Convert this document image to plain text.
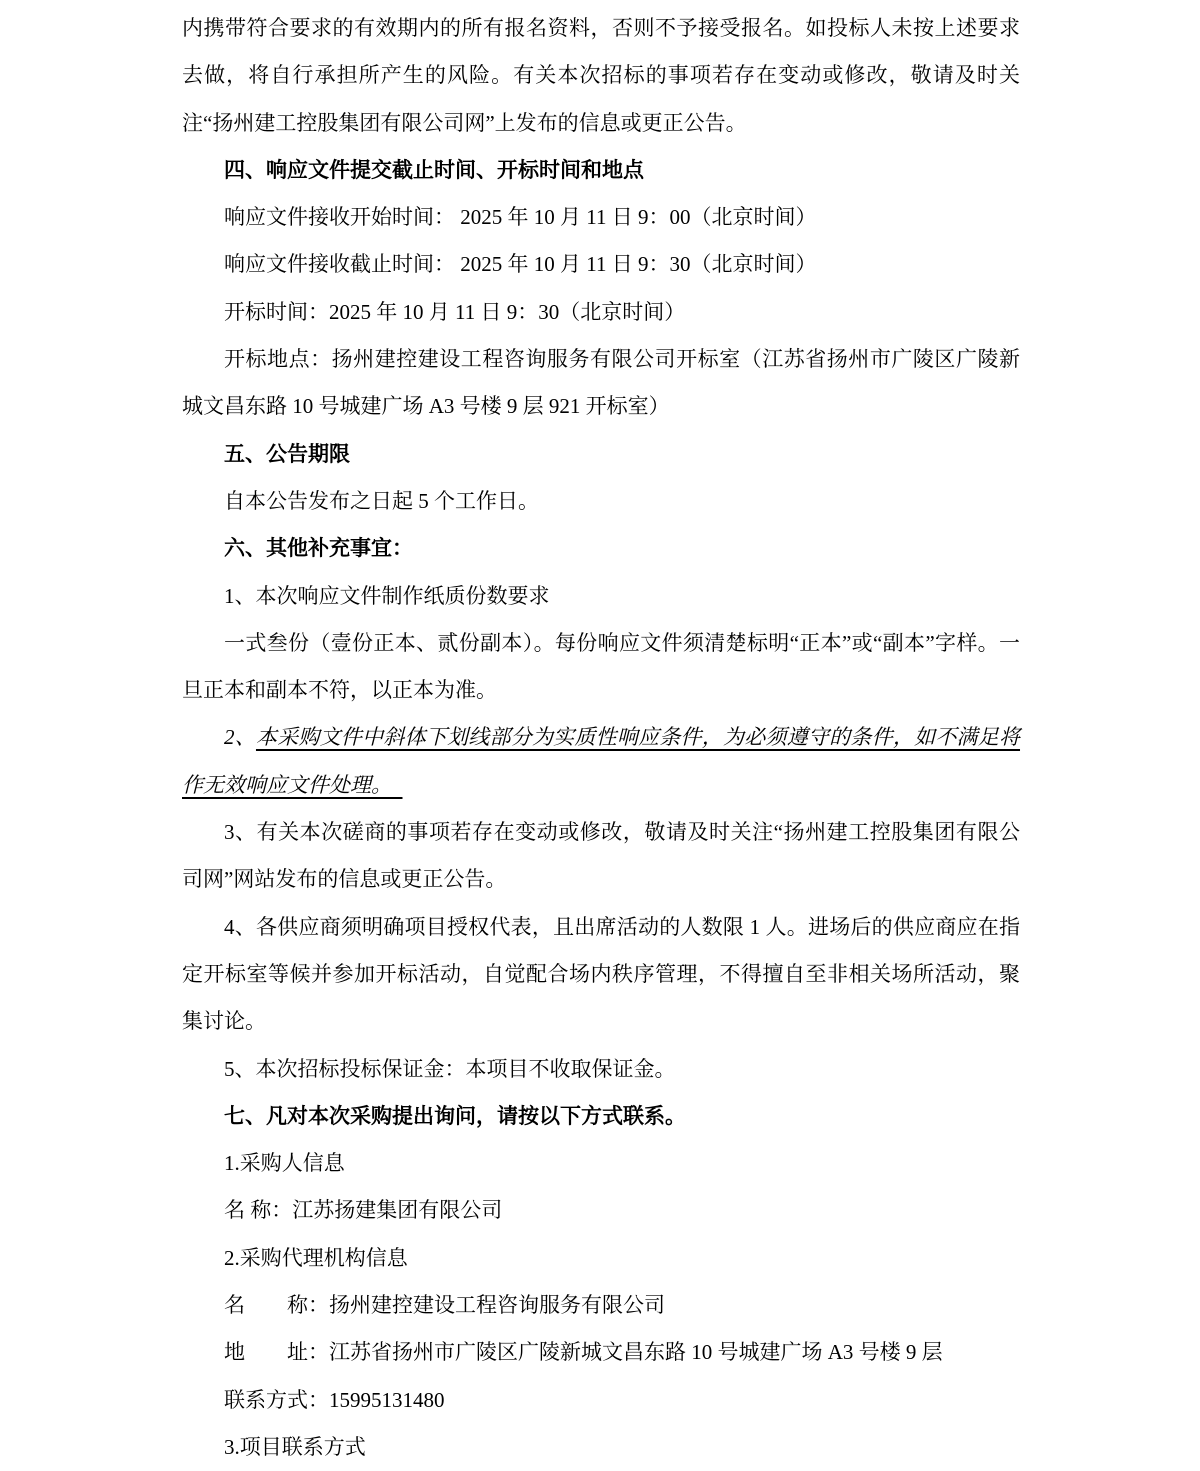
内携带符合要求的有效期内的所有报名资料，否则不予接受报名。如投标人未按上述要求去做，将自行承担所产生的风险。有关本次招标的事项若存在变动或修改，敬请及时关注“扬州建工控股集团有限公司网”上发布的信息或更正公告。

四、响应文件提交截止时间、开标时间和地点

响应文件接收开始时间： 2025 年 10 月 11 日 9：00（北京时间）

响应文件接收截止时间： 2025 年 10 月 11 日 9：30（北京时间）

开标时间：2025 年 10 月 11 日 9：30（北京时间）

开标地点：扬州建控建设工程咨询服务有限公司开标室（江苏省扬州市广陵区广陵新城文昌东路 10 号城建广场 A3 号楼 9 层 921 开标室）

五、公告期限

自本公告发布之日起 5 个工作日。

六、其他补充事宜：

1、本次响应文件制作纸质份数要求

一式叁份（壹份正本、贰份副本）。每份响应文件须清楚标明“正本”或“副本”字样。一旦正本和副本不符，以正本为准。

2、本采购文件中斜体下划线部分为实质性响应条件，为必须遵守的条件，如不满足将作无效响应文件处理。　

3、有关本次磋商的事项若存在变动或修改，敬请及时关注“扬州建工控股集团有限公司网”网站发布的信息或更正公告。

4、各供应商须明确项目授权代表，且出席活动的人数限 1 人。进场后的供应商应在指定开标室等候并参加开标活动，自觉配合场内秩序管理，不得擅自至非相关场所活动，聚集讨论。

5、本次招标投标保证金：本项目不收取保证金。

七、凡对本次采购提出询问，请按以下方式联系。

1.采购人信息

名 称：江苏扬建集团有限公司

2.采购代理机构信息

名　　称：扬州建控建设工程咨询服务有限公司

地　　址：江苏省扬州市广陵区广陵新城文昌东路 10 号城建广场 A3 号楼 9 层

联系方式：15995131480

3.项目联系方式
